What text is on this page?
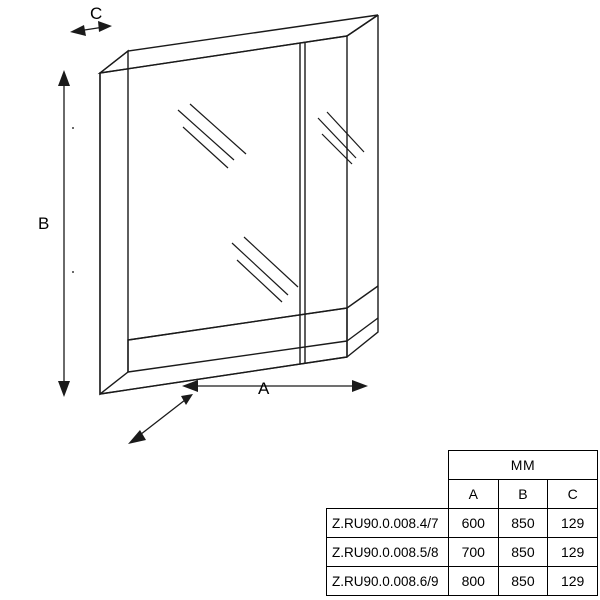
C
B
A
	MM		
	A	B	C
Z.RU90.0.008.4/7	600	850	129
Z.RU90.0.008.5/8	700	850	129
Z.RU90.0.008.6/9	800	850	129
